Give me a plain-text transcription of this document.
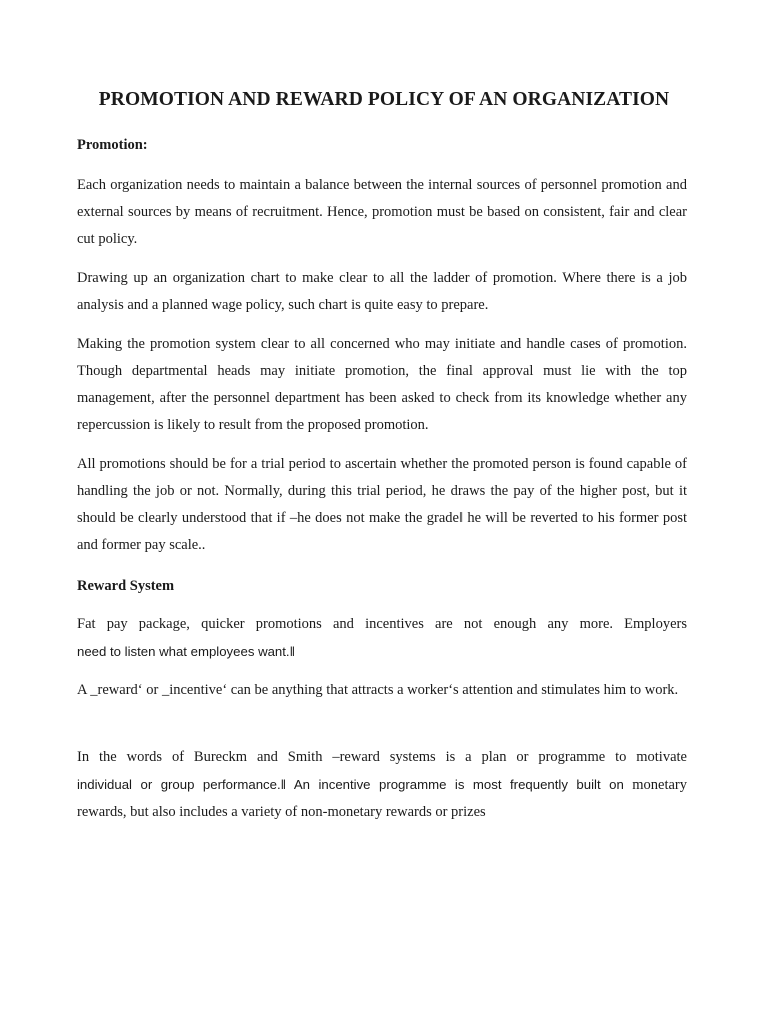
PROMOTION AND REWARD POLICY OF AN ORGANIZATION
Promotion:

Each organization needs to maintain a balance between the internal sources of personnel promotion and external sources by means of recruitment. Hence, promotion must be based on consistent, fair and clear cut policy.

Drawing up an organization chart to make clear to all the ladder of promotion. Where there is a job analysis and a planned wage policy, such chart is quite easy to prepare.

Making the promotion system clear to all concerned who may initiate and handle cases of promotion. Though departmental heads may initiate promotion, the final approval must lie with the top management, after the personnel department has been asked to check from its knowledge whether any repercussion is likely to result from the proposed promotion.

All promotions should be for a trial period to ascertain whether the promoted person is found capable of handling the job or not. Normally, during this trial period, he draws the pay of the higher post, but it should be clearly understood that if –he does not make the gradeǁ he will be reverted to his former post and former pay scale..

Reward System

Fat pay package, quicker promotions and incentives are not enough any more. Employers
need to listen what employees want.ǁ

A _reward‘ or _incentive‘ can be anything that attracts a worker‘s attention and stimulates him to work.

In the words of Bureckm and Smith –reward systems is a plan or programme to motivate
individual or group performance.ǁ An incentive programme is most frequently built on monetary
rewards, but also includes a variety of non-monetary rewards or prizes
